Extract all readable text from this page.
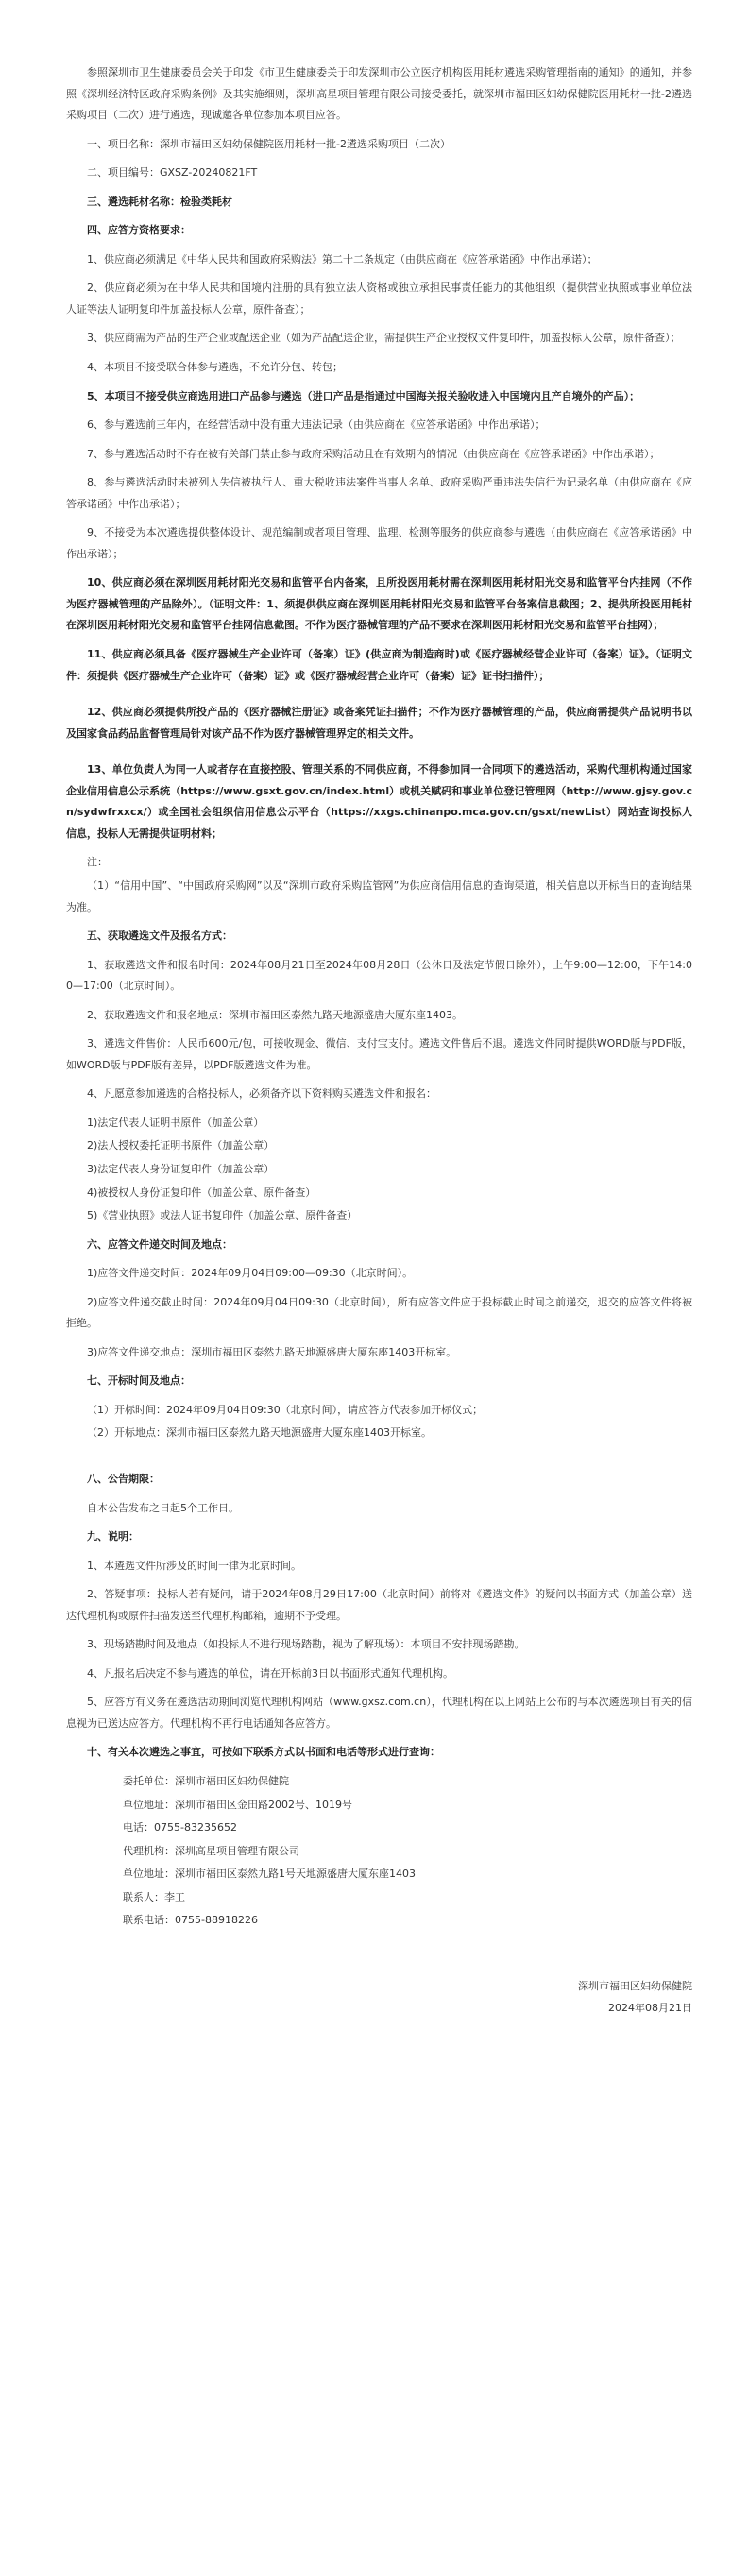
参照深圳市卫生健康委员会关于印发《市卫生健康委关于印发深圳市公立医疗机构医用耗材遴选采购管理指南的通知》的通知，并参照《深圳经济特区政府采购条例》及其实施细则，深圳高星项目管理有限公司接受委托，就深圳市福田区妇幼保健院医用耗材一批-2遴选采购项目（二次）进行遴选，现诚邀各单位参加本项目应答。

一、项目名称：深圳市福田区妇幼保健院医用耗材一批-2遴选采购项目（二次）

二、项目编号：GXSZ-20240821FT

三、遴选耗材名称：检验类耗材

四、应答方资格要求：

1、供应商必须满足《中华人民共和国政府采购法》第二十二条规定（由供应商在《应答承诺函》中作出承诺）；

2、供应商必须为在中华人民共和国境内注册的具有独立法人资格或独立承担民事责任能力的其他组织（提供营业执照或事业单位法人证等法人证明复印件加盖投标人公章，原件备查）；

3、供应商需为产品的生产企业或配送企业（如为产品配送企业，需提供生产企业授权文件复印件，加盖投标人公章，原件备查）；

4、本项目不接受联合体参与遴选，不允许分包、转包；

5、本项目不接受供应商选用进口产品参与遴选（进口产品是指通过中国海关报关验收进入中国境内且产自境外的产品）；

6、参与遴选前三年内，在经营活动中没有重大违法记录（由供应商在《应答承诺函》中作出承诺）；

7、参与遴选活动时不存在被有关部门禁止参与政府采购活动且在有效期内的情况（由供应商在《应答承诺函》中作出承诺）；

8、参与遴选活动时未被列入失信被执行人、重大税收违法案件当事人名单、政府采购严重违法失信行为记录名单（由供应商在《应答承诺函》中作出承诺）；

9、不接受为本次遴选提供整体设计、规范编制或者项目管理、监理、检测等服务的供应商参与遴选（由供应商在《应答承诺函》中作出承诺）；

10、供应商必须在深圳医用耗材阳光交易和监管平台内备案，且所投医用耗材需在深圳医用耗材阳光交易和监管平台内挂网（不作为医疗器械管理的产品除外）。（证明文件：1、须提供供应商在深圳医用耗材阳光交易和监管平台备案信息截图；2、提供所投医用耗材在深圳医用耗材阳光交易和监管平台挂网信息截图。不作为医疗器械管理的产品不要求在深圳医用耗材阳光交易和监管平台挂网）；

11、供应商必须具备《医疗器械生产企业许可（备案）证》(供应商为制造商时)或《医疗器械经营企业许可（备案）证》。（证明文件：须提供《医疗器械生产企业许可（备案）证》或《医疗器械经营企业许可（备案）证》证书扫描件）；

12、供应商必须提供所投产品的《医疗器械注册证》或备案凭证扫描件；不作为医疗器械管理的产品，供应商需提供产品说明书以及国家食品药品监督管理局针对该产品不作为医疗器械管理界定的相关文件。

13、单位负责人为同一人或者存在直接控股、管理关系的不同供应商，不得参加同一合同项下的遴选活动，采购代理机构通过国家企业信用信息公示系统（https://www.gsxt.gov.cn/index.html）或机关赋码和事业单位登记管理网（http://www.gjsy.gov.cn/sydwfrxxcx/）或全国社会组织信用信息公示平台（https://xxgs.chinanpo.mca.gov.cn/gsxt/newList）网站查询投标人信息，投标人无需提供证明材料；

注：

（1）“信用中国”、“中国政府采购网”以及“深圳市政府采购监管网”为供应商信用信息的查询渠道，相关信息以开标当日的查询结果为准。

五、获取遴选文件及报名方式：

1、获取遴选文件和报名时间：2024年08月21日至2024年08月28日（公休日及法定节假日除外），上午9:00—12:00，下午14:00—17:00（北京时间）。

2、获取遴选文件和报名地点：深圳市福田区泰然九路天地源盛唐大厦东座1403。

3、遴选文件售价：人民币600元/包，可接收现金、微信、支付宝支付。遴选文件售后不退。遴选文件同时提供WORD版与PDF版，如WORD版与PDF版有差异，以PDF版遴选文件为准。

4、凡愿意参加遴选的合格投标人，必须备齐以下资料购买遴选文件和报名：

1)法定代表人证明书原件（加盖公章）

2)法人授权委托证明书原件（加盖公章）

3)法定代表人身份证复印件（加盖公章）

4)被授权人身份证复印件（加盖公章、原件备查）

5)《营业执照》或法人证书复印件（加盖公章、原件备查）

六、应答文件递交时间及地点：

1)应答文件递交时间：2024年09月04日09:00—09:30（北京时间）。

2)应答文件递交截止时间：2024年09月04日09:30（北京时间），所有应答文件应于投标截止时间之前递交，迟交的应答文件将被拒绝。

3)应答文件递交地点：深圳市福田区泰然九路天地源盛唐大厦东座1403开标室。

七、开标时间及地点：

（1）开标时间：2024年09月04日09:30（北京时间），请应答方代表参加开标仪式；

（2）开标地点：深圳市福田区泰然九路天地源盛唐大厦东座1403开标室。

八、公告期限：

自本公告发布之日起5个工作日。

九、说明：

1、本遴选文件所涉及的时间一律为北京时间。

2、答疑事项：投标人若有疑问，请于2024年08月29日17:00（北京时间）前将对《遴选文件》的疑问以书面方式（加盖公章）送达代理机构或原件扫描发送至代理机构邮箱，逾期不予受理。

3、现场踏勘时间及地点（如投标人不进行现场踏勘，视为了解现场）：本项目不安排现场踏勘。

4、凡报名后决定不参与遴选的单位，请在开标前3日以书面形式通知代理机构。

5、应答方有义务在遴选活动期间浏览代理机构网站（www.gxsz.com.cn），代理机构在以上网站上公布的与本次遴选项目有关的信息视为已送达应答方。代理机构不再行电话通知各应答方。

十、有关本次遴选之事宜，可按如下联系方式以书面和电话等形式进行查询：

委托单位：深圳市福田区妇幼保健院

单位地址：深圳市福田区金田路2002号、1019号

电话：0755-83235652

代理机构：深圳高星项目管理有限公司

单位地址：深圳市福田区泰然九路1号天地源盛唐大厦东座1403

联系人：李工

联系电话：0755-88918226

深圳市福田区妇幼保健院
2024年08月21日
